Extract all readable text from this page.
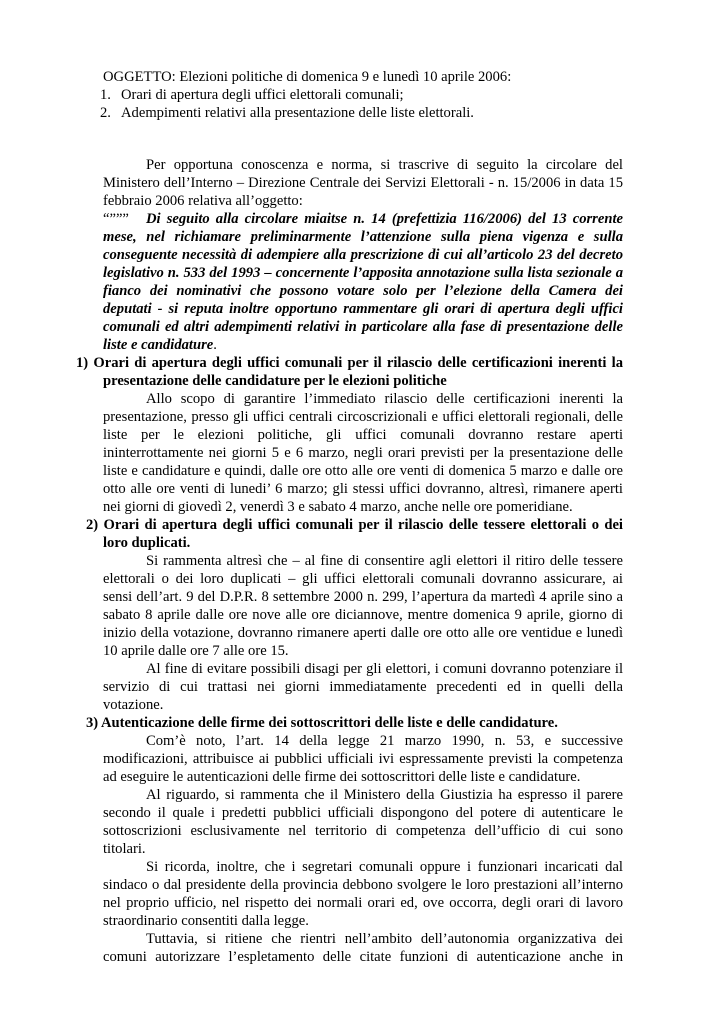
OGGETTO: Elezioni politiche di domenica 9 e lunedì 10 aprile 2006:
1. Orari di apertura degli uffici elettorali comunali;
2. Adempimenti relativi alla presentazione delle liste elettorali.
Per opportuna conoscenza e norma, si trascrive di seguito la circolare del
Ministero dell’Interno – Direzione Centrale dei Servizi Elettorali - n. 15/2006 in data 15
febbraio 2006 relativa all’oggetto:
“””” Di seguito alla circolare miaitse n. 14 (prefettizia 116/2006) del 13 corrente
mese, nel richiamare preliminarmente l’attenzione sulla piena vigenza e sulla
conseguente necessità di adempiere alla prescrizione di cui all’articolo 23 del decreto
legislativo n. 533 del 1993 – concernente l’apposita annotazione sulla lista sezionale a
fianco dei nominativi che possono votare solo per l’elezione della Camera dei
deputati - si reputa inoltre opportuno rammentare gli orari di apertura degli uffici
comunali ed altri adempimenti relativi in particolare alla fase di presentazione delle
liste e candidature.
1) Orari di apertura degli uffici comunali per il rilascio delle certificazioni inerenti la
presentazione delle candidature per le elezioni politiche
Allo scopo di garantire l’immediato rilascio delle certificazioni inerenti la
presentazione, presso gli uffici centrali circoscrizionali e uffici elettorali regionali, delle
liste per le elezioni politiche, gli uffici comunali dovranno restare aperti
ininterrottamente nei giorni 5 e 6 marzo, negli orari previsti per la presentazione delle
liste e candidature e quindi, dalle ore otto alle ore venti di domenica 5 marzo e dalle ore
otto alle ore venti di lunedi’ 6 marzo; gli stessi uffici dovranno, altresì, rimanere aperti
nei giorni di giovedì 2, venerdì 3 e sabato 4 marzo, anche nelle ore pomeridiane.
2) Orari di apertura degli uffici comunali per il rilascio delle tessere elettorali o dei
loro duplicati.
Si rammenta altresì che – al fine di consentire agli elettori il ritiro delle tessere
elettorali o dei loro duplicati – gli uffici elettorali comunali dovranno assicurare, ai
sensi dell’art. 9 del D.P.R. 8 settembre 2000 n. 299, l’apertura da martedì 4 aprile sino a
sabato 8 aprile dalle ore nove alle ore diciannove, mentre domenica 9 aprile, giorno di
inizio della votazione, dovranno rimanere aperti dalle ore otto alle ore ventidue e lunedì
10 aprile dalle ore 7 alle ore 15.
Al fine di evitare possibili disagi per gli elettori, i comuni dovranno potenziare il
servizio di cui trattasi nei giorni immediatamente precedenti ed in quelli della
votazione.
3) Autenticazione delle firme dei sottoscrittori delle liste e delle candidature.
Com’è noto, l’art. 14 della legge 21 marzo 1990, n. 53, e successive
modificazioni, attribuisce ai pubblici ufficiali ivi espressamente previsti la competenza
ad eseguire le autenticazioni delle firme dei sottoscrittori delle liste e candidature.
Al riguardo, si rammenta che il Ministero della Giustizia ha espresso il parere
secondo il quale i predetti pubblici ufficiali dispongono del potere di autenticare le
sottoscrizioni esclusivamente nel territorio di competenza dell’ufficio di cui sono
titolari.
Si ricorda, inoltre, che i segretari comunali oppure i funzionari incaricati dal
sindaco o dal presidente della provincia debbono svolgere le loro prestazioni all’interno
nel proprio ufficio, nel rispetto dei normali orari ed, ove occorra, degli orari di lavoro
straordinario consentiti dalla legge.
Tuttavia, si ritiene che rientri nell’ambito dell’autonomia organizzativa dei
comuni autorizzare l’espletamento delle citate funzioni di autenticazione anche in
